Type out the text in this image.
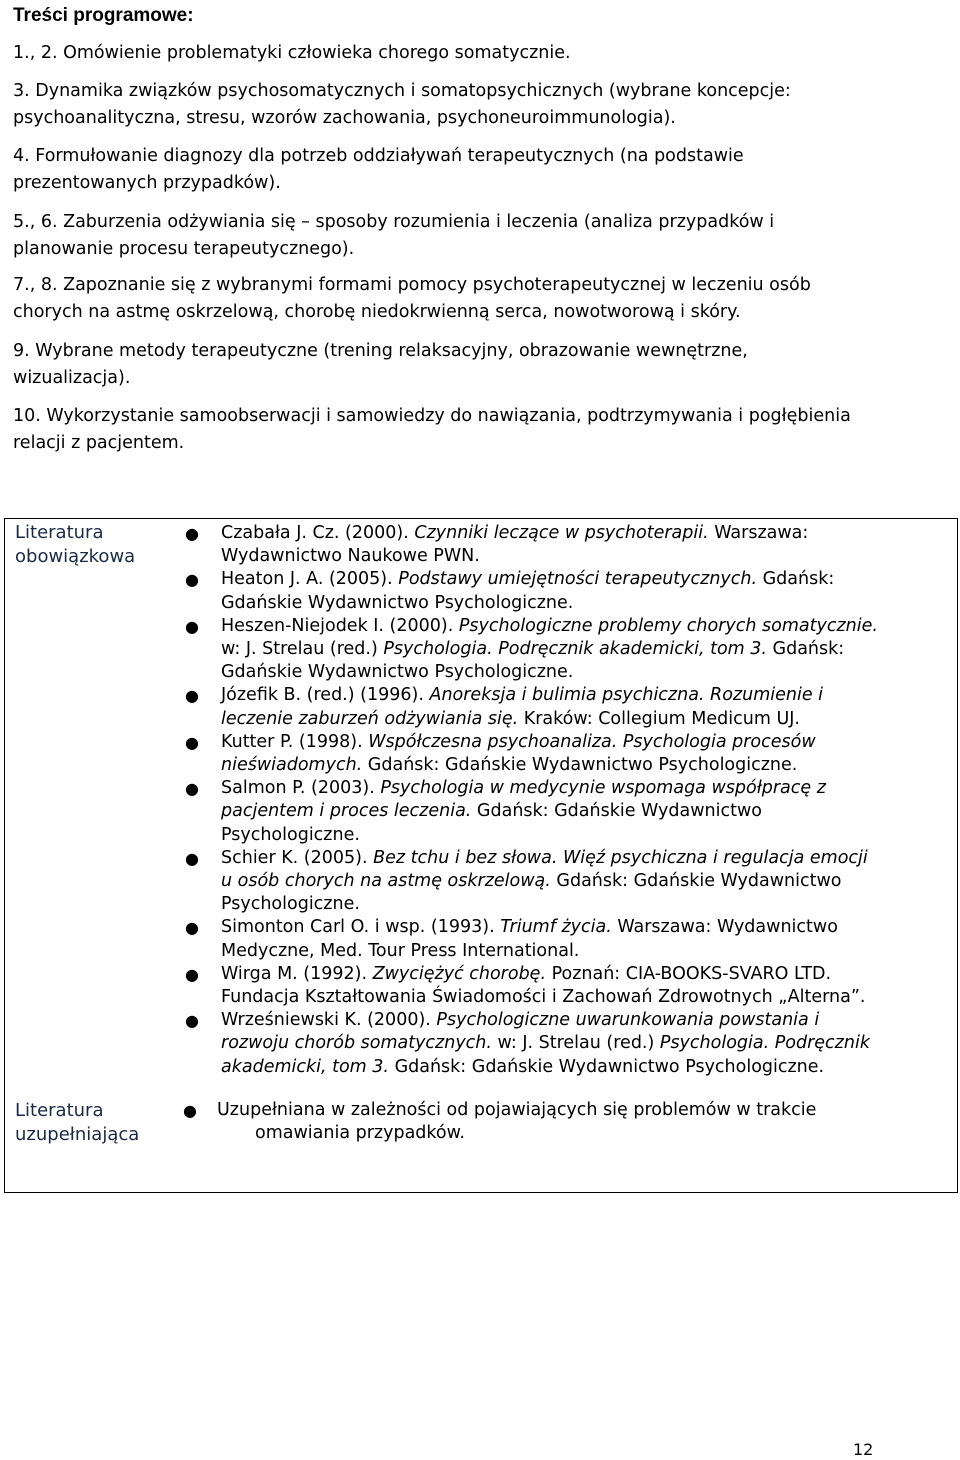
Treści programowe:

1., 2. Omówienie problematyki człowieka chorego somatycznie.

3. Dynamika związków psychosomatycznych i somatopsychicznych (wybrane koncepcje:
psychoanalityczna, stresu, wzorów zachowania, psychoneuroimmunologia).

4. Formułowanie diagnozy dla potrzeb oddziaływań terapeutycznych (na podstawie
prezentowanych przypadków).

5., 6. Zaburzenia odżywiania się – sposoby rozumienia i leczenia (analiza przypadków i
planowanie procesu terapeutycznego).

7., 8. Zapoznanie się z wybranymi formami pomocy psychoterapeutycznej w leczeniu osób
chorych na astmę oskrzelową, chorobę niedokrwienną serca, nowotworową i skóry.

9. Wybrane metody terapeutyczne (trening relaksacyjny, obrazowanie wewnętrzne,
wizualizacja).

10. Wykorzystanie samoobserwacji i samowiedzy do nawiązania, podtrzymywania i pogłębienia
relacji z pacjentem.

Literatura
obowiązkowa

● Czabała J. Cz. (2000). Czynniki leczące w psychoterapii. Warszawa:
Wydawnictwo Naukowe PWN.
● Heaton J. A. (2005). Podstawy umiejętności terapeutycznych. Gdańsk:
Gdańskie Wydawnictwo Psychologiczne.
● Heszen-Niejodek I. (2000). Psychologiczne problemy chorych somatycznie.
w: J. Strelau (red.) Psychologia. Podręcznik akademicki, tom 3. Gdańsk:
Gdańskie Wydawnictwo Psychologiczne.
● Józefik B. (red.) (1996). Anoreksja i bulimia psychiczna. Rozumienie i
leczenie zaburzeń odżywiania się. Kraków: Collegium Medicum UJ.
● Kutter P. (1998). Współczesna psychoanaliza. Psychologia procesów
nieświadomych. Gdańsk: Gdańskie Wydawnictwo Psychologiczne.
● Salmon P. (2003). Psychologia w medycynie wspomaga współpracę z
pacjentem i proces leczenia. Gdańsk: Gdańskie Wydawnictwo
Psychologiczne.
● Schier K. (2005). Bez tchu i bez słowa. Więź psychiczna i regulacja emocji
u osób chorych na astmę oskrzelową. Gdańsk: Gdańskie Wydawnictwo
Psychologiczne.
● Simonton Carl O. i wsp. (1993). Triumf życia. Warszawa: Wydawnictwo
Medyczne, Med. Tour Press International.
● Wirga M. (1992). Zwyciężyć chorobę. Poznań: CIA-BOOKS-SVARO LTD.
Fundacja Kształtowania Świadomości i Zachowań Zdrowotnych „Alterna”.
● Wrześniewski K. (2000). Psychologiczne uwarunkowania powstania i
rozwoju chorób somatycznych. w: J. Strelau (red.) Psychologia. Podręcznik
akademicki, tom 3. Gdańsk: Gdańskie Wydawnictwo Psychologiczne.

Literatura
uzupełniająca

● Uzupełniana w zależności od pojawiających się problemów w trakcie

omawiania przypadków.

12
